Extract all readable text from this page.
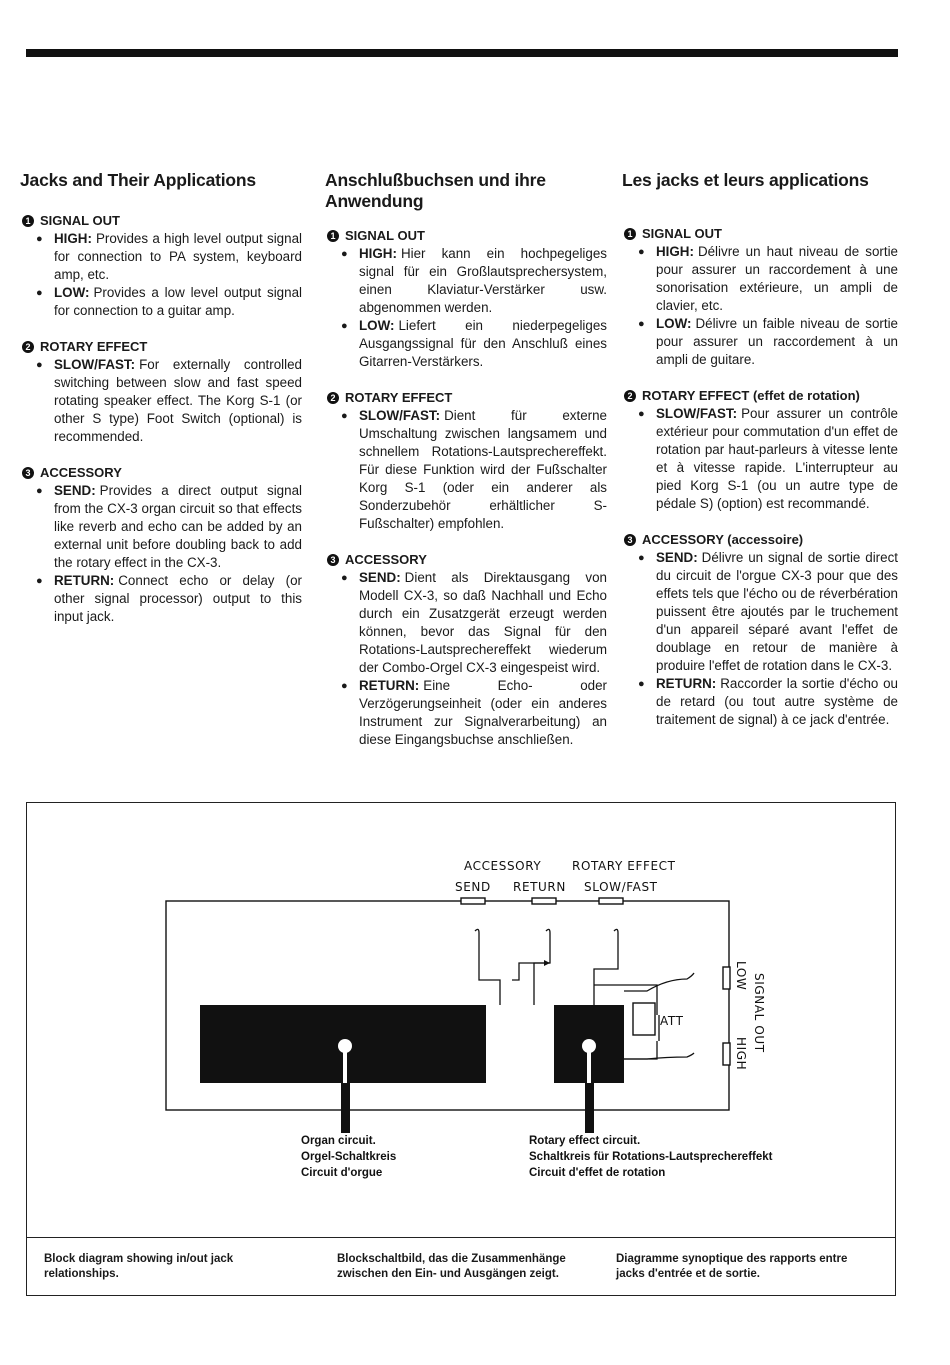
Jacks and Their Applications
1 SIGNAL OUT
● HIGH: Provides a high level output signal for connection to PA system, keyboard amp, etc.
● LOW: Provides a low level output signal for connection to a guitar amp.
2 ROTARY EFFECT
● SLOW/FAST: For externally controlled switching between slow and fast speed rotating speaker effect. The Korg S-1 (or other S type) Foot Switch (optional) is recommended.
3 ACCESSORY
● SEND: Provides a direct output signal from the CX-3 organ circuit so that effects like reverb and echo can be added by an external unit before doubling back to add the rotary effect in the CX-3.
● RETURN: Connect echo or delay (or other signal processor) output to this input jack.
Anschlußbuchsen und ihre Anwendung
1 SIGNAL OUT
● HIGH: Hier kann ein hochpegeliges signal für ein Großlautsprechersystem, einen Klaviatur-Verstärker usw. abgenommen werden.
● LOW: Liefert ein niederpegeliges Ausgangssignal für den Anschluß eines Gitarren-Verstärkers.
2 ROTARY EFFECT
● SLOW/FAST: Dient für externe Umschaltung zwischen langsamem und schnellem Rotations-Lautsprechereffekt. Für diese Funktion wird der Fußschalter Korg S-1 (oder ein anderer als Sonderzubehör erhältlicher S-Fußschalter) empfohlen.
3 ACCESSORY
● SEND: Dient als Direktausgang von Modell CX-3, so daß Nachhall und Echo durch ein Zusatzgerät erzeugt werden können, bevor das Signal für den Rotations-Lautsprechereffekt wiederum der Combo-Orgel CX-3 eingespeist wird.
● RETURN: Eine Echo- oder Verzögerungseinheit (oder ein anderes Instrument zur Signalverarbeitung) an diese Eingangsbuchse anschließen.
Les jacks et leurs applications
1 SIGNAL OUT
● HIGH: Délivre un haut niveau de sortie pour assurer un raccordement à une sonorisation extérieure, un ampli de clavier, etc.
● LOW: Délivre un faible niveau de sortie pour assurer un raccordement à un ampli de guitare.
2 ROTARY EFFECT (effet de rotation)
● SLOW/FAST: Pour assurer un contrôle extérieur pour commutation d'un effet de rotation par haut-parleurs à vitesse lente et à vitesse rapide. L'interrupteur au pied Korg S-1 (ou un autre type de pédale S) (option) est recommandé.
3 ACCESSORY (accessoire)
● SEND: Délivre un signal de sortie direct du circuit de l'orgue CX-3 pour que des effets tels que l'écho ou de réverbération puissent être ajoutés par le truchement d'un appareil séparé avant l'effet de doublage en retour de manière à produire l'effet de rotation dans le CX-3.
● RETURN: Raccorder la sortie d'écho ou de retard (ou tout autre système de traitement de signal) à ce jack d'entrée.
ACCESSORY	ROTARY EFFECT
SEND RETURN SLOW/FAST
ATT
LOW
HIGH
SIGNAL OUT
Organ circuit.
Orgel-Schaltkreis
Circuit d'orgue
Rotary effect circuit.
Schaltkreis für Rotations-Lautsprechereffekt
Circuit d'effet de rotation
Block diagram showing in/out jack relationships.
Blockschaltbild, das die Zusammenhänge zwischen den Ein- und Ausgängen zeigt.
Diagramme synoptique des rapports entre jacks d'entrée et de sortie.
